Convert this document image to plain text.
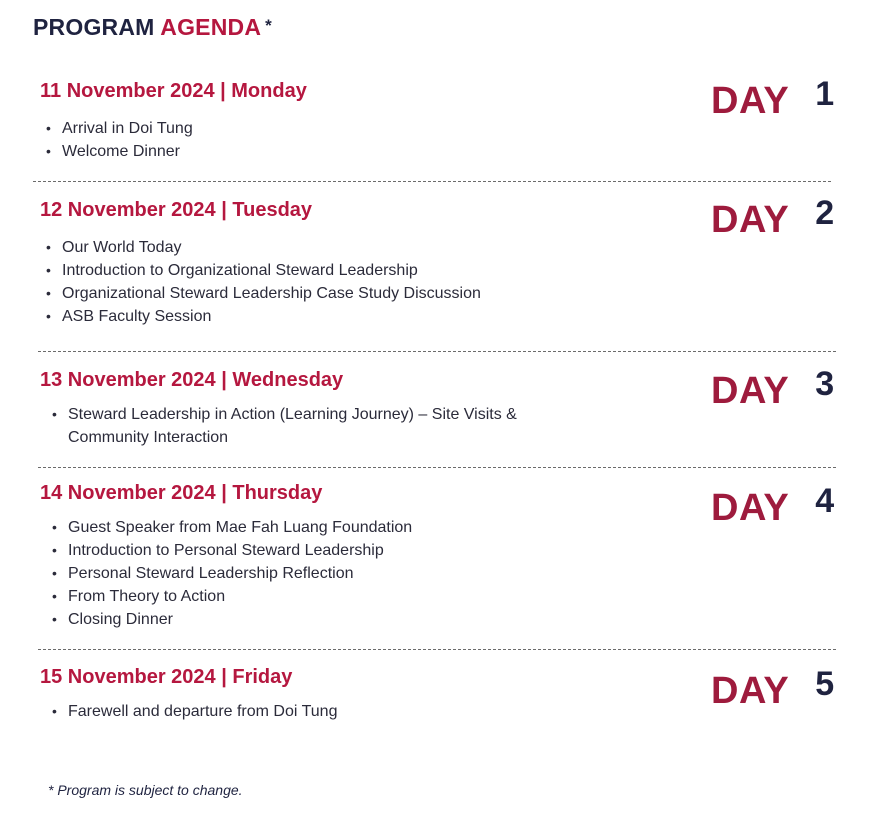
PROGRAM AGENDA *
11 November 2024 | Monday
• Arrival in Doi Tung
• Welcome Dinner
DAY 1
12 November 2024 | Tuesday
• Our World Today
• Introduction to Organizational Steward Leadership
• Organizational Steward Leadership Case Study Discussion
• ASB Faculty Session
DAY 2
13 November 2024 | Wednesday
• Steward Leadership in Action (Learning Journey) – Site Visits &
Community Interaction
DAY 3
14 November 2024 | Thursday
• Guest Speaker from Mae Fah Luang Foundation
• Introduction to Personal Steward Leadership
• Personal Steward Leadership Reflection
• From Theory to Action
• Closing Dinner
DAY 4
15 November 2024 | Friday
• Farewell and departure from Doi Tung	DAY 5
* Program is subject to change.
